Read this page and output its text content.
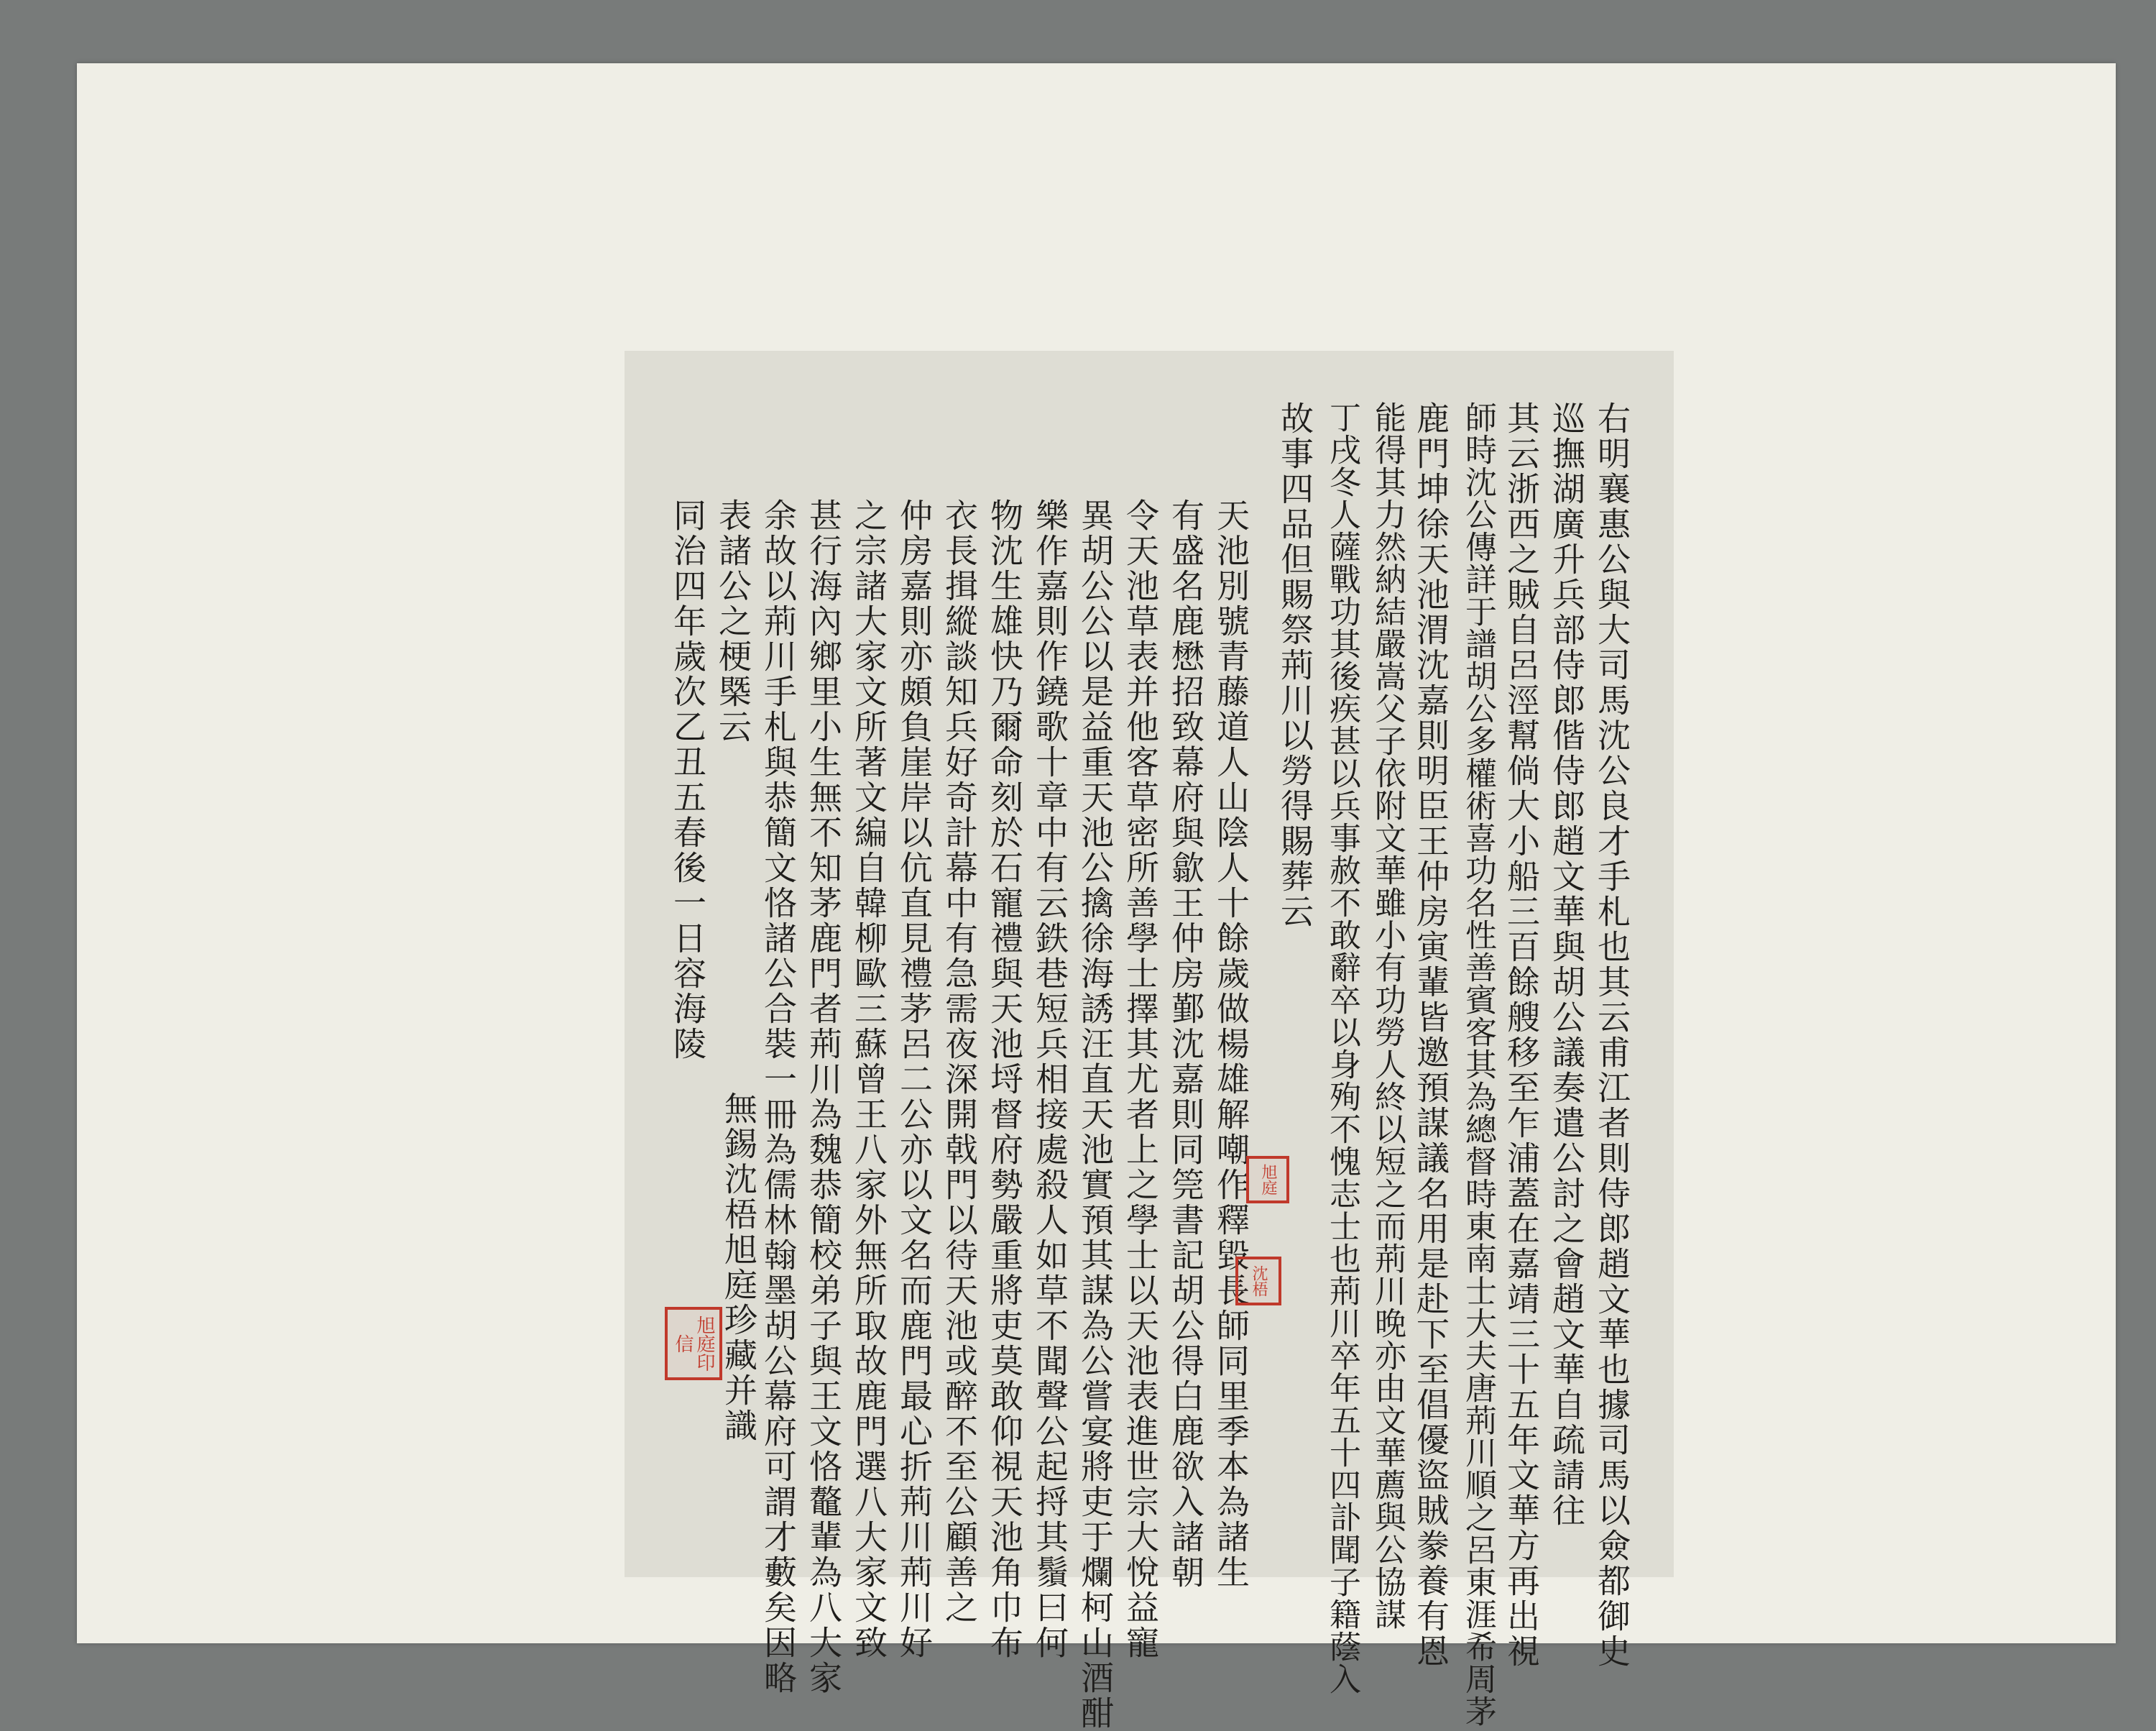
右明襄惠公與大司馬沈公良才手札也其云甫江者則侍郎趙文華也據司馬以僉都御史
巡撫湖廣升兵部侍郎偕侍郎趙文華與胡公議奏遣公討之會趙文華自疏請往
其云浙西之賊自呂涇幫倘大小船三百餘艘移至乍浦蓋在嘉靖三十五年文華方再出視
師時沈公傳詳于譜胡公多權術喜功名性善賓客其為總督時東南士大夫唐荊川順之呂東涯希周茅
鹿門坤徐天池渭沈嘉則明臣王仲房寅輩皆邀預謀議名用是赴下至倡優盜賊豢養有恩
能得其力然納結嚴嵩父子依附文華雖小有功勞人終以短之而荊川晚亦由文華薦與公協謀
丁戌冬人薩戰功其後疾甚以兵事赦不敢辭卒以身殉不愧志士也荊川卒年五十四訃聞子籍蔭入
故事四品但賜祭荊川以勞得賜葬云
天池別號青藤道人山陰人十餘歲做楊雄解嘲作釋毀長師同里季本為諸生
有盛名鹿懋招致幕府與歙王仲房鄞沈嘉則同筦書記胡公得白鹿欲入諸朝
令天池草表并他客草密所善學士擇其尤者上之學士以天池表進世宗大悅益寵
異胡公公以是益重天池公擒徐海誘汪直天池實預其謀為公嘗宴將吏于爛柯山酒酣
樂作嘉則作鐃歌十章中有云鉄巷短兵相接處殺人如草不聞聲公起捋其鬚曰何
物沈生雄快乃爾命刻於石寵禮與天池埒督府勢嚴重將吏莫敢仰視天池角巾布
衣長揖縱談知兵好奇計幕中有急需夜深開戟門以待天池或醉不至公顧善之
仲房嘉則亦頗負崖岸以伉直見禮茅呂二公亦以文名而鹿門最心折荊川荊川好
之宗諸大家文所著文編自韓柳歐三蘇曾王八家外無所取故鹿門選八大家文致
甚行海內鄉里小生無不知茅鹿門者荊川為魏恭簡校弟子與王文恪鼇輩為八大家
余故以荊川手札與恭簡文恪諸公合裝一冊為儒林翰墨胡公幕府可謂才藪矣因略
表諸公之梗槩云
同治四年歲次乙丑五春後一日容海陵
無錫沈梧旭庭珍藏并識	旭庭
沈梧
旭庭印信
